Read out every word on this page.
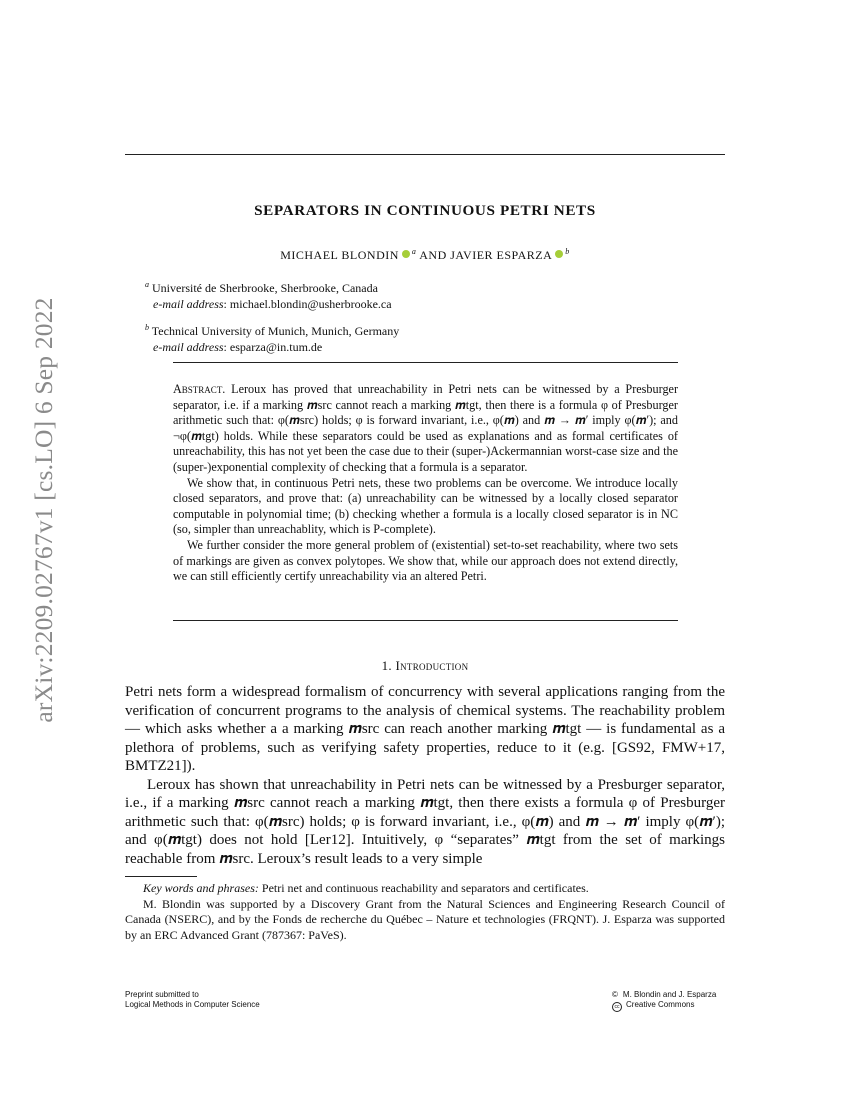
arXiv:2209.02767v1 [cs.LO] 6 Sep 2022
SEPARATORS IN CONTINUOUS PETRI NETS
MICHAEL BLONDIN $^a$ AND JAVIER ESPARZA $^b$
$^a$ Université de Sherbrooke, Sherbrooke, Canada
e-mail address: michael.blondin@usherbrooke.ca
$^b$ Technical University of Munich, Munich, Germany
e-mail address: esparza@in.tum.de

Abstract. Leroux has proved that unreachability in Petri nets can be witnessed by a Presburger separator, i.e. if a marking 𝒎src cannot reach a marking 𝒎tgt, then there is a formula φ of Presburger arithmetic such that: φ(𝒎src) holds; φ is forward invariant, i.e., φ(𝒎) and 𝒎 → 𝒎′ imply φ(𝒎′); and ¬φ(𝒎tgt) holds. While these separators could be used as explanations and as formal certificates of unreachability, this has not yet been the case due to their (super-)Ackermannian worst-case size and the (super-)exponential complexity of checking that a formula is a separator.

We show that, in continuous Petri nets, these two problems can be overcome. We introduce locally closed separators, and prove that: (a) unreachability can be witnessed by a locally closed separator computable in polynomial time; (b) checking whether a formula is a locally closed separator is in NC (so, simpler than unreachablity, which is P-complete).

We further consider the more general problem of (existential) set-to-set reachability, where two sets of markings are given as convex polytopes. We show that, while our approach does not extend directly, we can still efficiently certify unreachability via an altered Petri.

1. Introduction

Petri nets form a widespread formalism of concurrency with several applications ranging from the verification of concurrent programs to the analysis of chemical systems. The reachability problem — which asks whether a a marking 𝒎src can reach another marking 𝒎tgt — is fundamental as a plethora of problems, such as verifying safety properties, reduce to it (e.g. [GS92, FMW+17, BMTZ21]).

Leroux has shown that unreachability in Petri nets can be witnessed by a Presburger separator, i.e., if a marking 𝒎src cannot reach a marking 𝒎tgt, then there exists a formula φ of Presburger arithmetic such that: φ(𝒎src) holds; φ is forward invariant, i.e., φ(𝒎) and 𝒎 → 𝒎′ imply φ(𝒎′); and φ(𝒎tgt) does not hold [Ler12]. Intuitively, φ “separates” 𝒎tgt from the set of markings reachable from 𝒎src. Leroux’s result leads to a very simple

Key words and phrases: Petri net and continuous reachability and separators and certificates.

M. Blondin was supported by a Discovery Grant from the Natural Sciences and Engineering Research Council of Canada (NSERC), and by the Fonds de recherche du Québec – Nature et technologies (FRQNT). J. Esparza was supported by an ERC Advanced Grant (787367: PaVeS).

Preprint submitted to
Logical Methods in Computer Science
© M. Blondin and J. Esparza
cc Creative Commons
